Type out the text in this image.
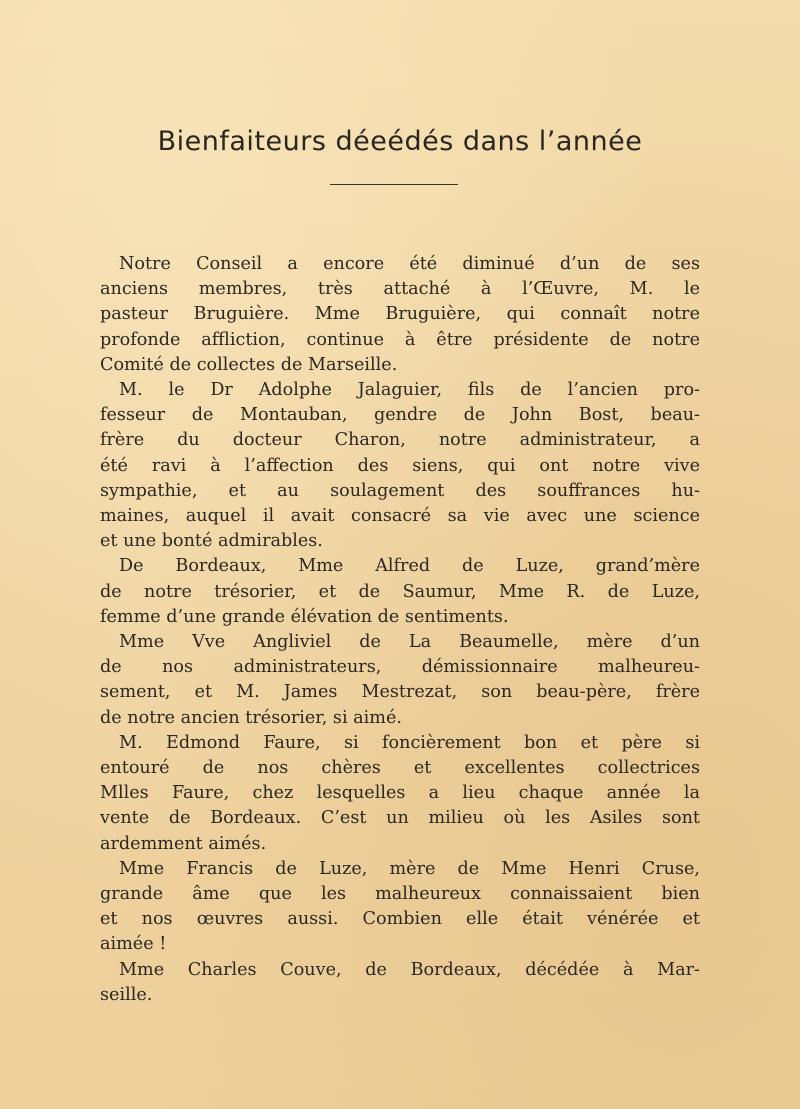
Bienfaiteurs déeédés dans l’année
Notre Conseil a encore été diminué d’un de ses
anciens membres, très attaché à l’Œuvre, M. le
pasteur Bruguière. Mme Bruguière, qui connaît notre
profonde affliction, continue à être présidente de notre
Comité de collectes de Marseille.
M. le Dr Adolphe Jalaguier, fils de l’ancien pro-
fesseur de Montauban, gendre de John Bost, beau-
frère du docteur Charon, notre administrateur, a
été ravi à l’affection des siens, qui ont notre vive
sympathie, et au soulagement des souffrances hu-
maines, auquel il avait consacré sa vie avec une science
et une bonté admirables.
De Bordeaux, Mme Alfred de Luze, grand’mère
de notre trésorier, et de Saumur, Mme R. de Luze,
femme d’une grande élévation de sentiments.
Mme Vve Angliviel de La Beaumelle, mère d’un
de nos administrateurs, démissionnaire malheureu-
sement, et M. James Mestrezat, son beau-père, frère
de notre ancien trésorier, si aimé.
M. Edmond Faure, si foncièrement bon et père si
entouré de nos chères et excellentes collectrices
Mlles Faure, chez lesquelles a lieu chaque année la
vente de Bordeaux. C’est un milieu où les Asiles sont
ardemment aimés.
Mme Francis de Luze, mère de Mme Henri Cruse,
grande âme que les malheureux connaissaient bien
et nos œuvres aussi. Combien elle était vénérée et
aimée !
Mme Charles Couve, de Bordeaux, décédée à Mar-
seille.
